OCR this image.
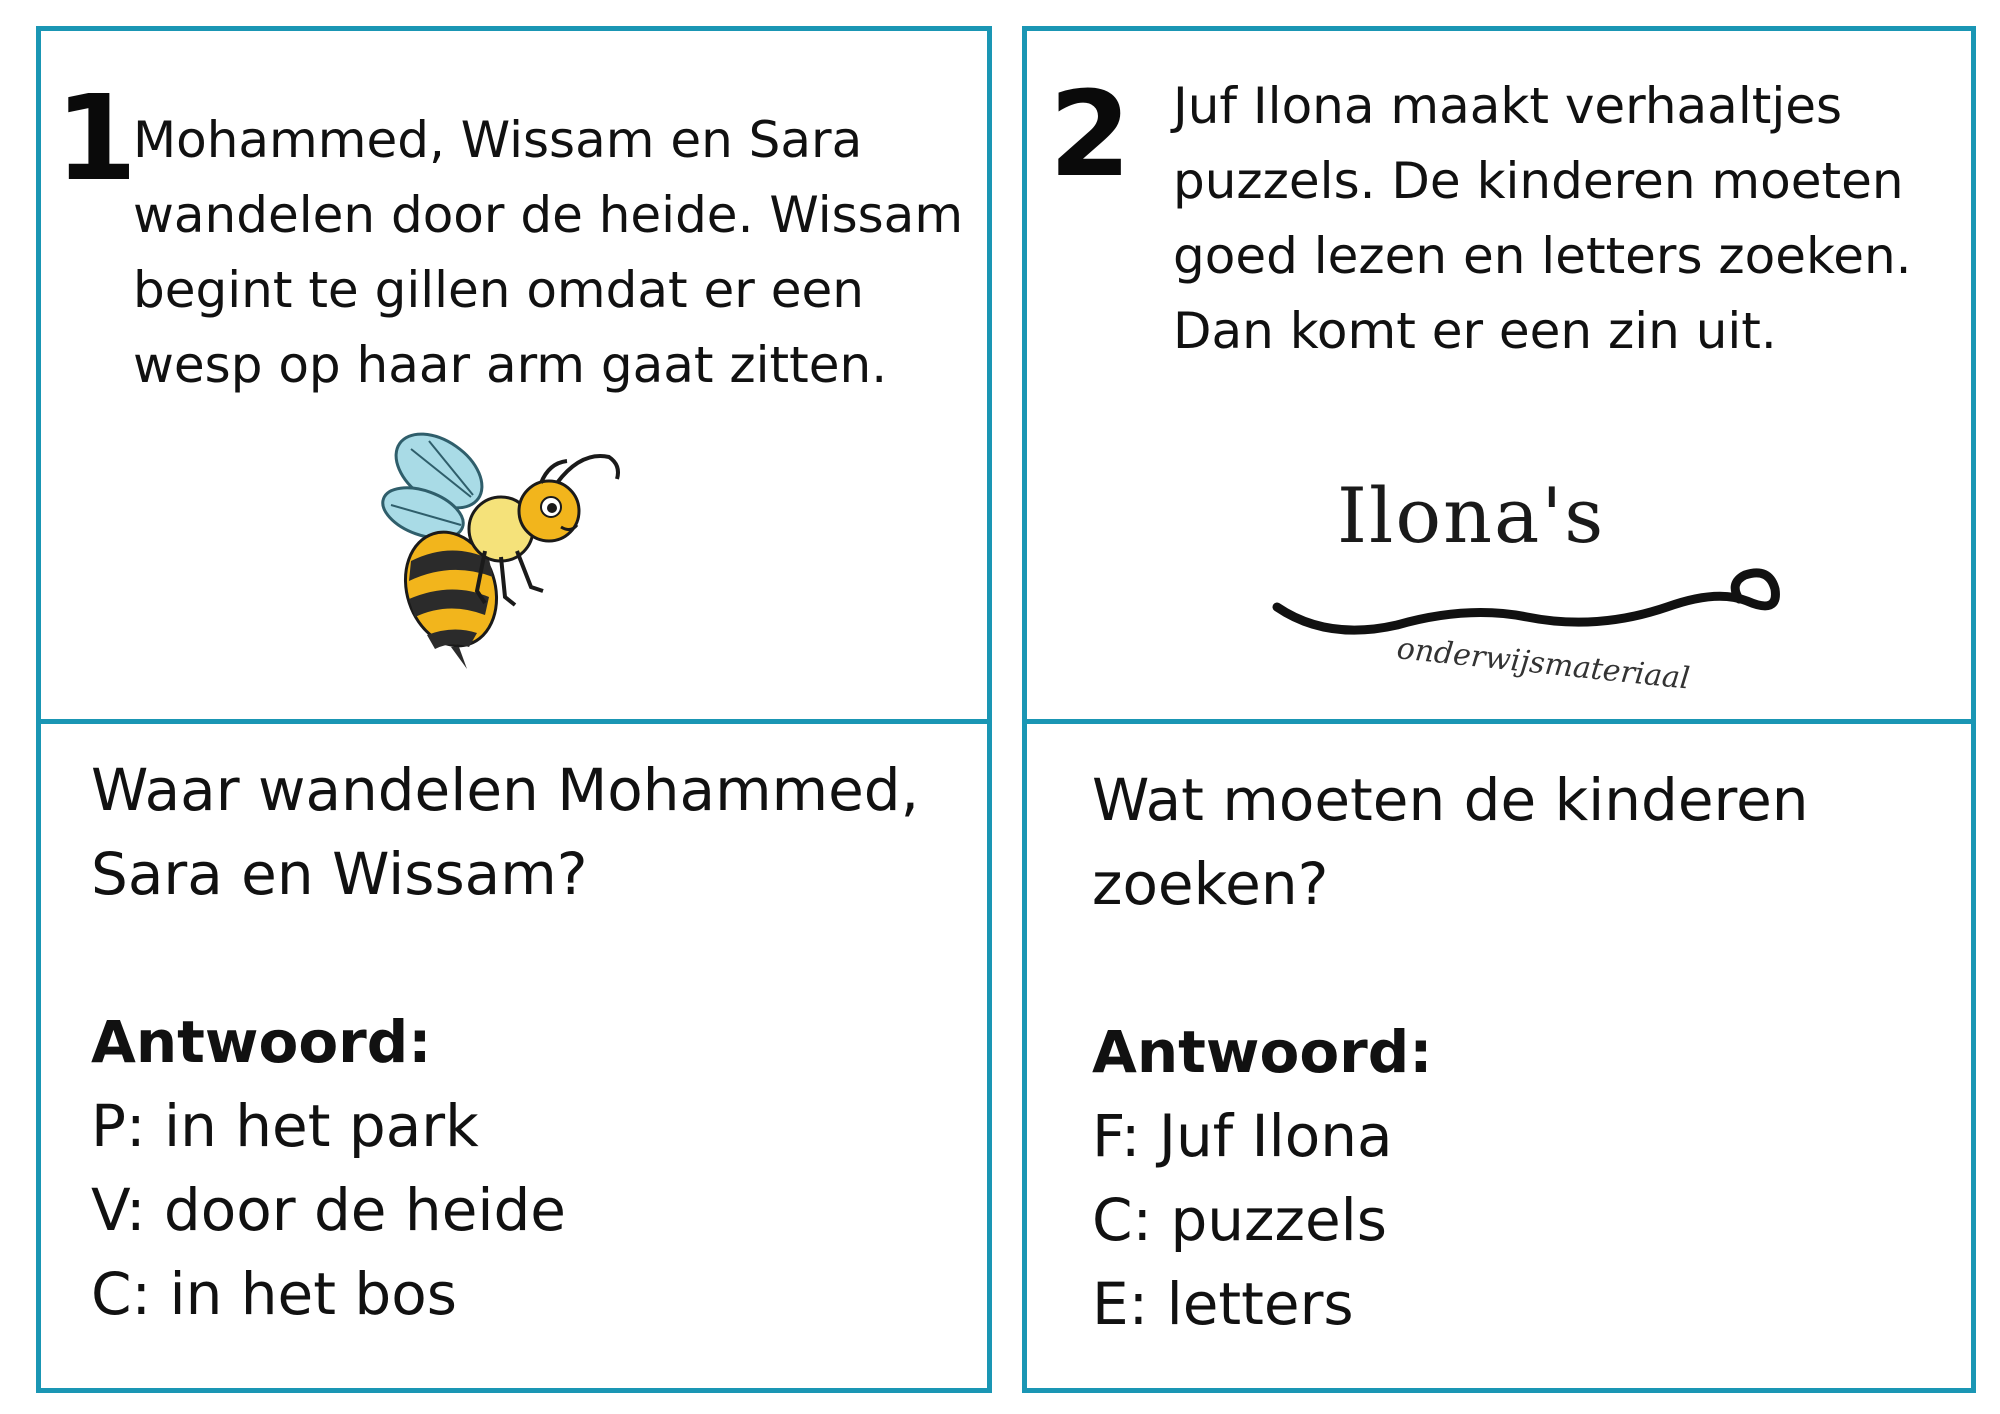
1
Mohammed, Wissam en Sara
wandelen door de heide. Wissam
begint te gillen omdat er een
wesp op haar arm gaat zitten.
Waar wandelen Mohammed,
Sara en Wissam?
Antwoord:
P: in het park
V: door de heide
C: in het bos
2 Juf Ilona maakt verhaaltjes
puzzels. De kinderen moeten
goed lezen en letters zoeken.
Dan komt er een zin uit.
Ilona's
onderwijsmateriaal
Wat moeten de kinderen
zoeken?
Antwoord:
F: Juf Ilona
C: puzzels
E: letters
